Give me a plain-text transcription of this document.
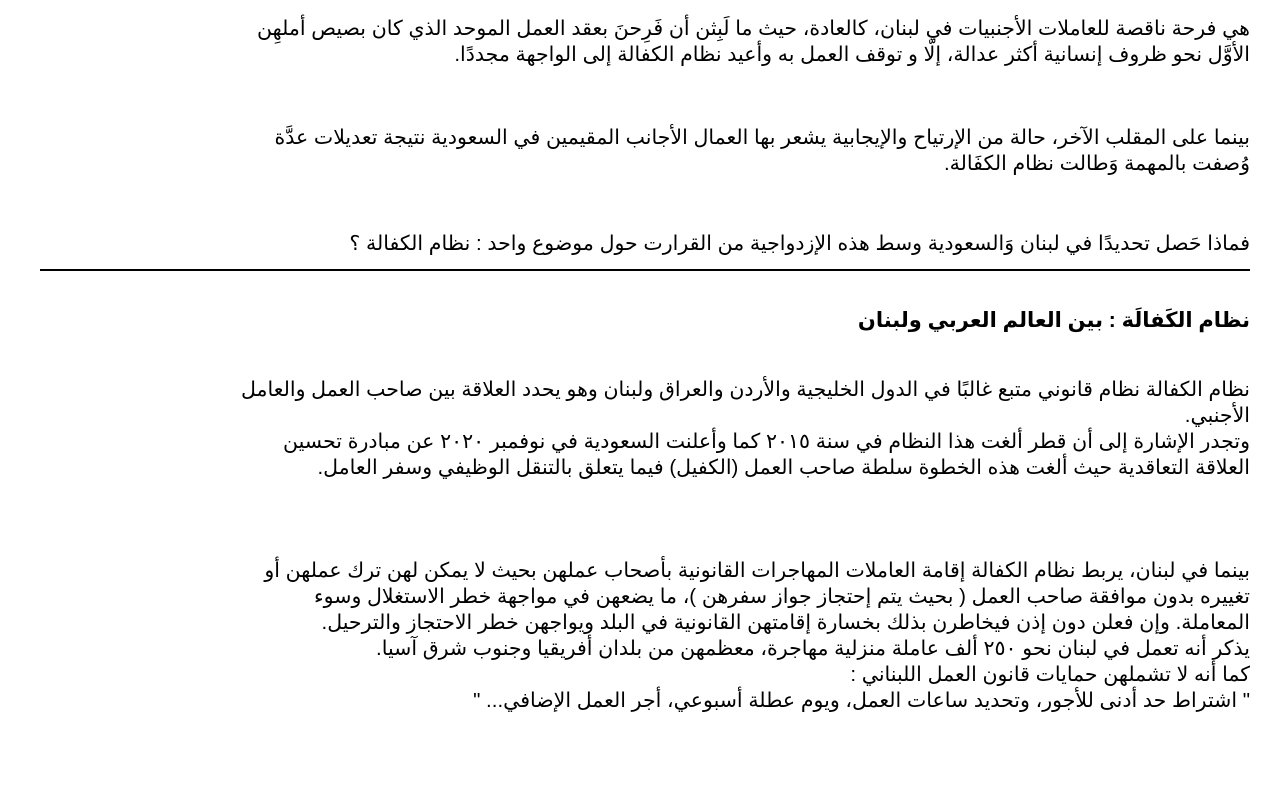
هي فرحة ناقصة للعاملات الأجنبيات في لبنان، كالعادة، حيث ما لَبِثن أن فَرِحنَ بعقد العمل الموحد الذي كان بصيص أملهِن
الأوَّل نحو ظروف إنسانية أكثر عدالة، إلّا و توقف العمل به وأعيد نظام الكفالة إلى الواجهة مجددًا.

بينما على المقلب الآخر، حالة من الإرتياح والإيجابية يشعر بها العمال الأجانب المقيمين في السعودية نتيجة تعديلات عدَّة
وُصفت بالمهمة وَطالت نظام الكفَالة.

فماذا حَصل تحديدًا في لبنان وَالسعودية وسط هذه الإزدواجية من القرارت حول موضوع واحد : نظام الكفالة ؟

نظام الكَفالَة : بين العالم العربي ولبنان

نظام الكفالة نظام قانوني متبع غالبًا في الدول الخليجية والأردن والعراق ولبنان وهو يحدد العلاقة بين صاحب العمل والعامل
الأجنبي.
وتجدر الإشارة إلى أن قطر ألغت هذا النظام في سنة ٢٠١٥ كما وأعلنت السعودية في نوفمبر ٢٠٢٠ عن مبادرة تحسين
العلاقة التعاقدية حيث ألغت هذه الخطوة سلطة صاحب العمل (الكفيل) فيما يتعلق بالتنقل الوظيفي وسفر العامل.

بينما في لبنان، يربط نظام الكفالة إقامة العاملات المهاجرات القانونية بأصحاب عملهن بحيث لا يمكن لهن ترك عملهن أو
تغييره بدون موافقة صاحب العمل ( بحيث يتم إحتجاز جواز سفرهن )، ما يضعهن في مواجهة خطر الاستغلال وسوء
المعاملة. وإن فعلن دون إذن فيخاطرن بذلك بخسارة إقامتهن القانونية في البلد ويواجهن خطر الاحتجاز والترحيل.
يذكر أنه تعمل في لبنان نحو ٢٥٠ ألف عاملة منزلية مهاجرة، معظمهن من بلدان أفريقيا وجنوب شرق آسيا.
كما أنه لا تشملهن حمايات قانون العمل اللبناني :
" اشتراط حد أدنى للأجور، وتحديد ساعات العمل، ويوم عطلة أسبوعي، أجر العمل الإضافي... "
